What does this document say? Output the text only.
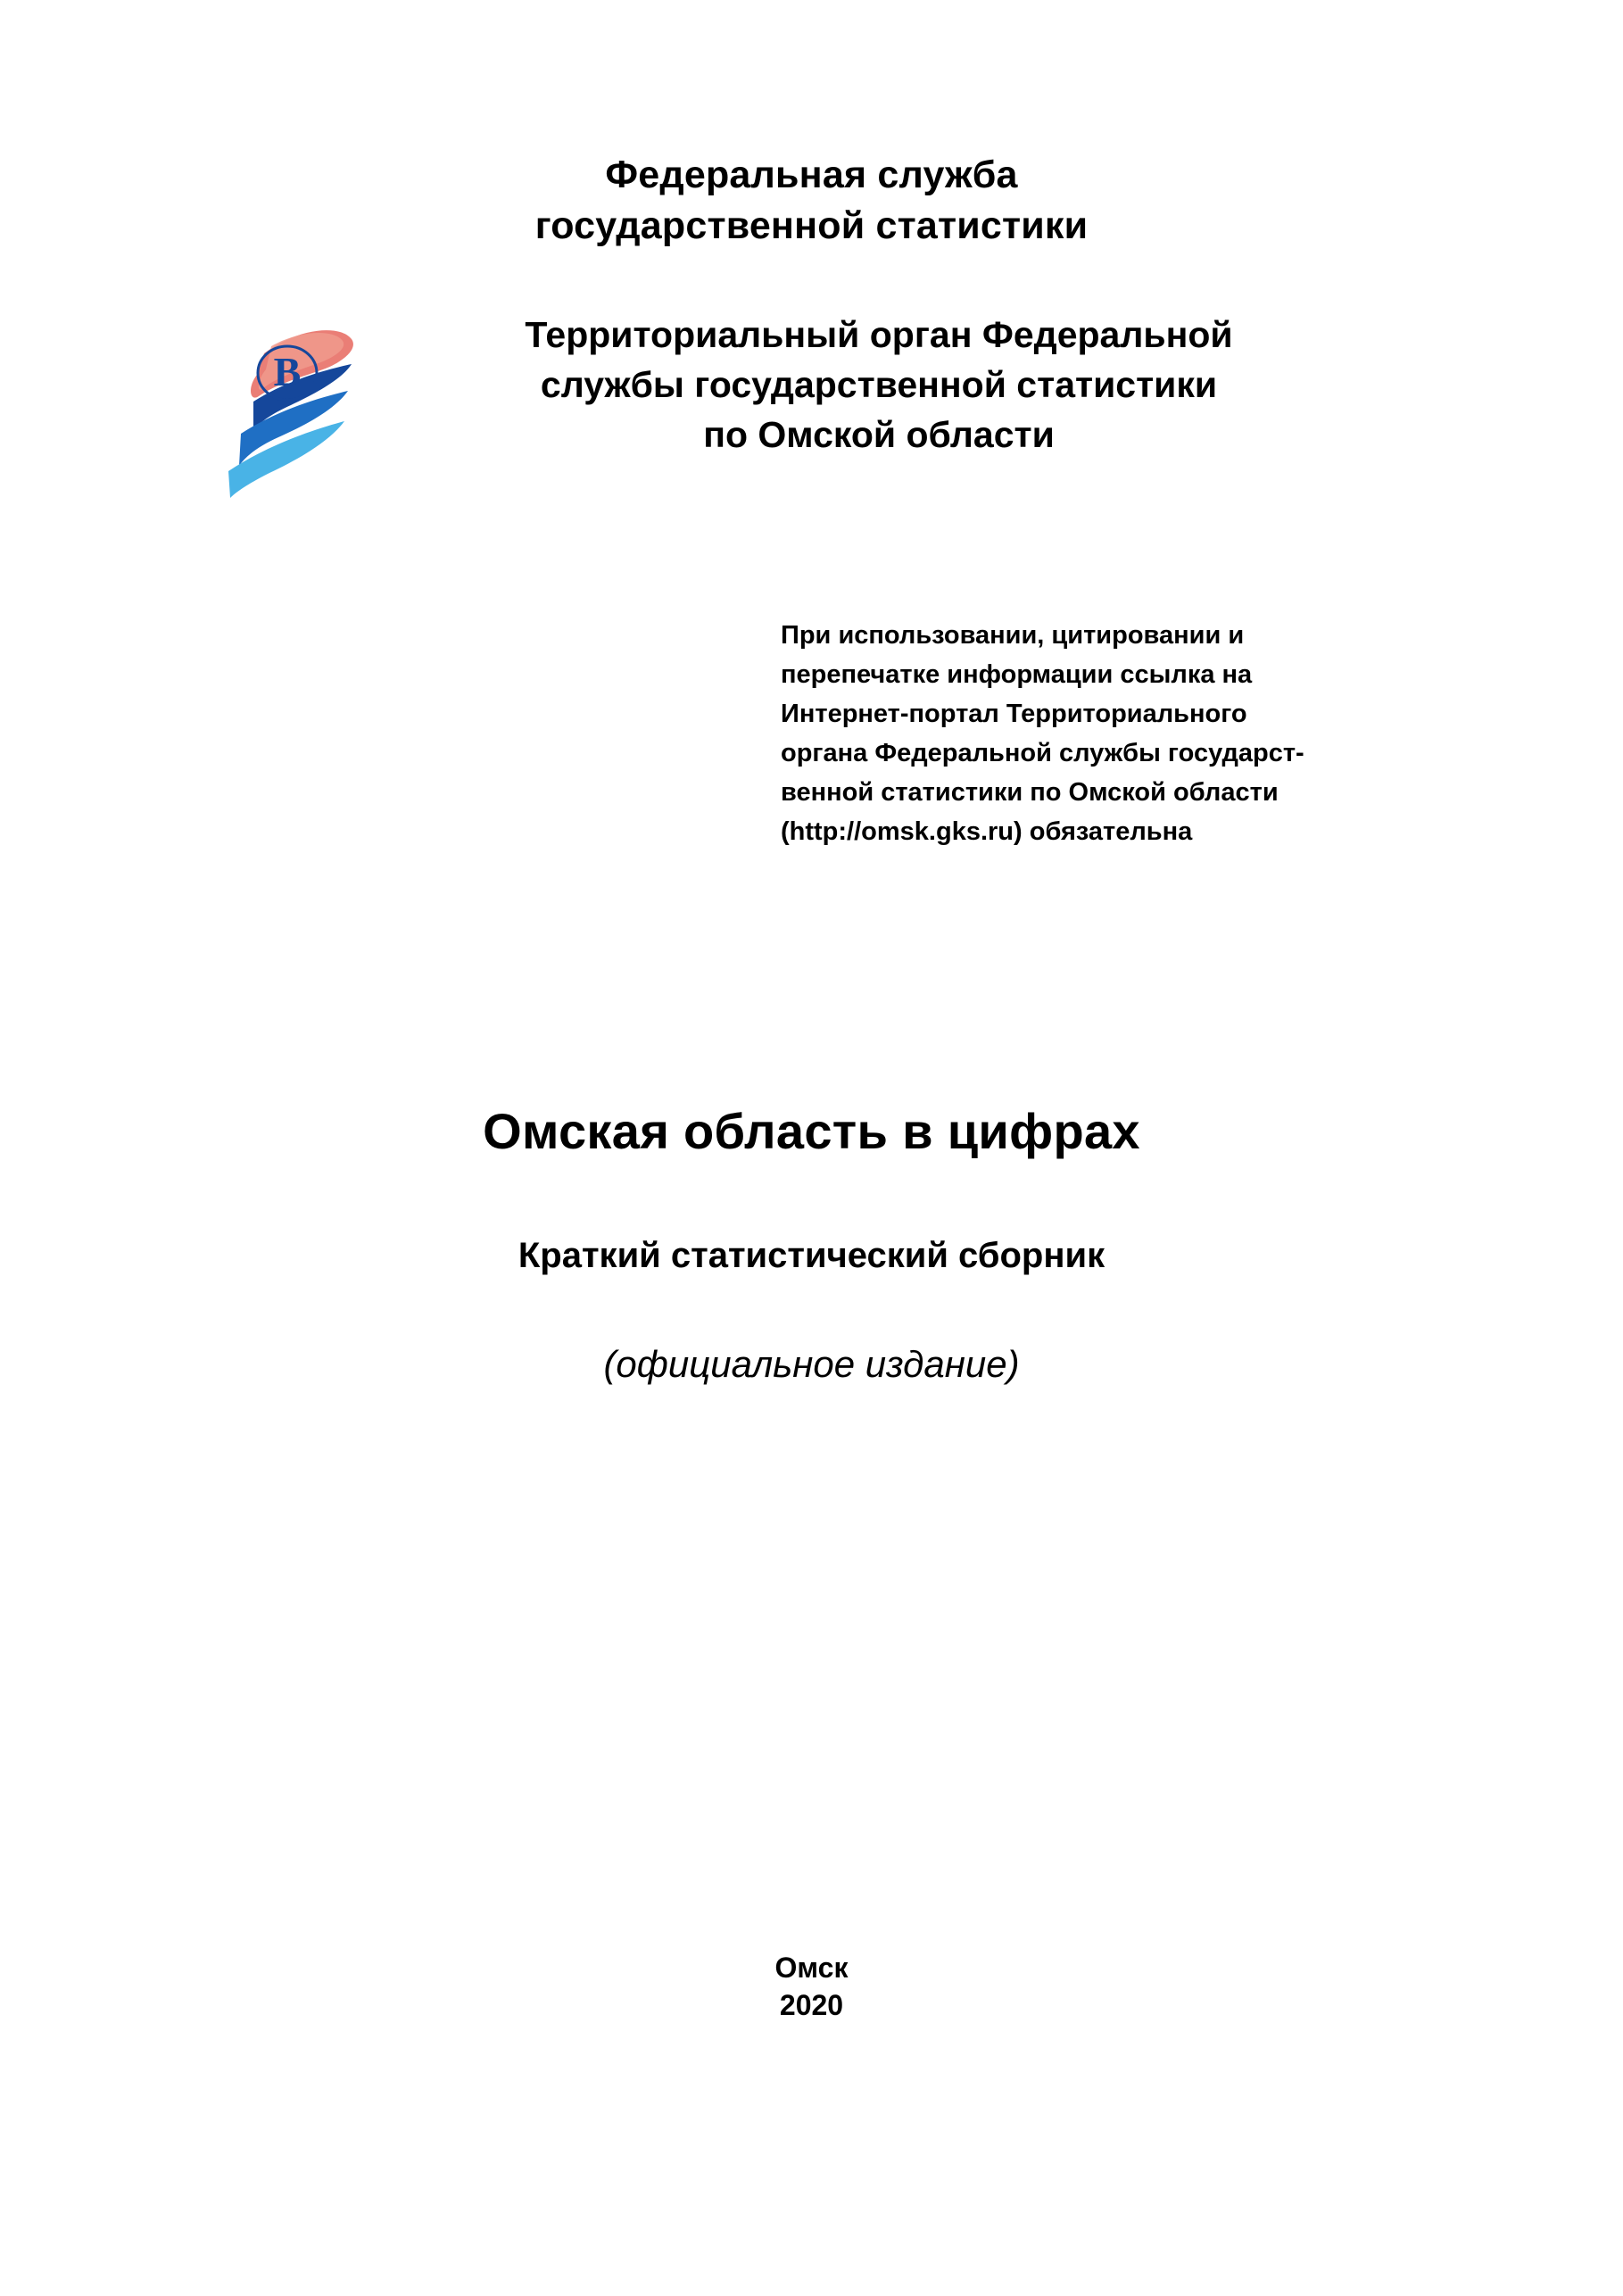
Федеральная служба
государственной статистики
В
Территориальный орган Федеральной
службы государственной статистики
по Омской области
При использовании, цитировании и
перепечатке информации ссылка на
Интернет-портал Территориального
органа Федеральной службы государст-
венной статистики по Омской области
(http://omsk.gks.ru) обязательна
Омская область в цифрах
Краткий статистический сборник
(официальное издание)
Омск
2020
